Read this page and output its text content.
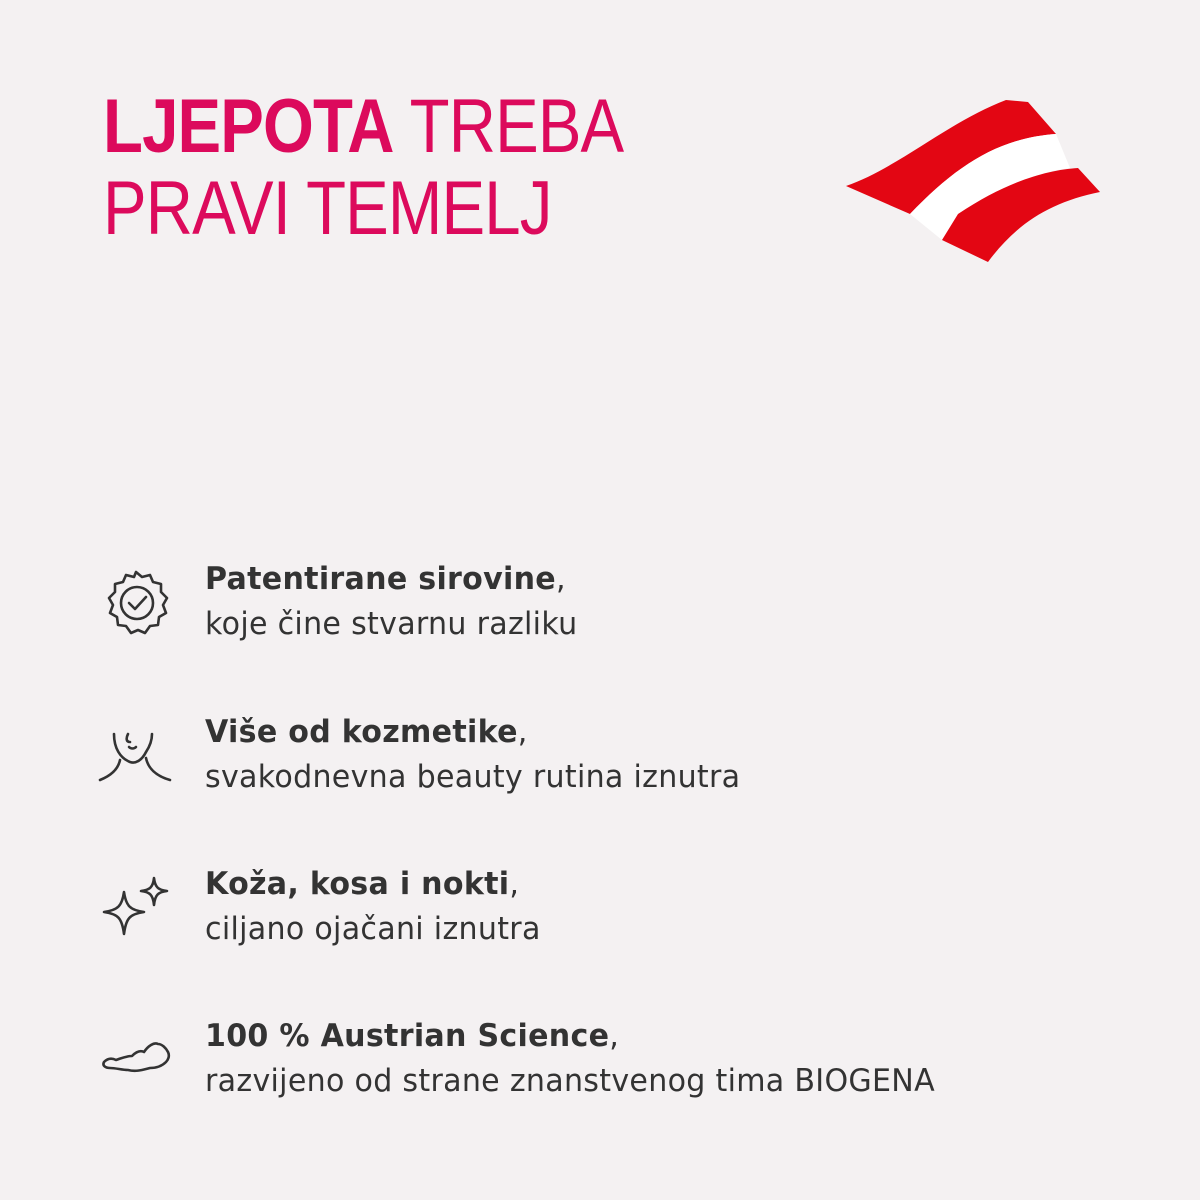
LJEPOTA TREBA
PRAVI TEMELJ
Patentirane sirovine,
koje čine stvarnu razliku
Više od kozmetike,
svakodnevna beauty rutina iznutra
Koža, kosa i nokti,
ciljano ojačani iznutra
100 % Austrian Science,
razvijeno od strane znanstvenog tima BIOGENA
